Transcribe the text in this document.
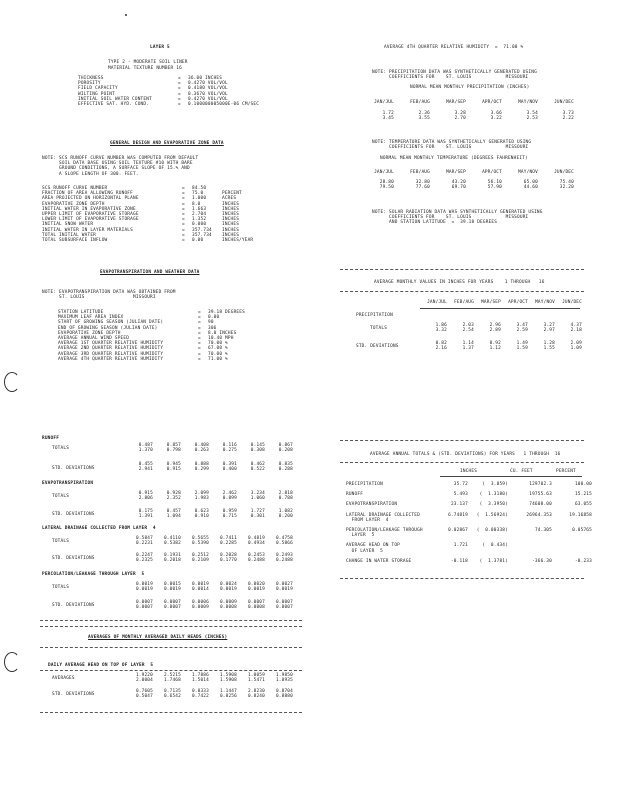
LAYER 5
TYPE 2 - MODERATE SOIL LINER
MATERIAL TEXTURE NUMBER 16
THICKNESS	=	36.00 INCHES
POROSITY	=	0.4270 VOL/VOL
FIELD CAPACITY	=	0.4180 VOL/VOL
WILTING POINT	=	0.3670 VOL/VOL
INITIAL SOIL WATER CONTENT	=	0.4270 VOL/VOL
EFFECTIVE SAT. HYD. COND.	=	0.100000005000E-06 CM/SEC
GENERAL DESIGN AND EVAPORATIVE ZONE DATA
NOTE: SCS RUNOFF CURVE NUMBER WAS COMPUTED FROM DEFAULT
SOIL DATA BASE USING SOIL TEXTURE #10 WITH BARE
GROUND CONDITIONS, A SURFACE SLOPE OF 15.% AND
A SLOPE LENGTH OF 300. FEET.
SCS RUNOFF CURVE NUMBER	=	84.50
FRACTION OF AREA ALLOWING RUNOFF	=	75.0	PERCENT
AREA PROJECTED ON HORIZONTAL PLANE	=	1.000	ACRES
EVAPORATIVE ZONE DEPTH	=	8.0	INCHES
INITIAL WATER IN EVAPORATIVE ZONE	=	1.663	INCHES
UPPER LIMIT OF EVAPORATIVE STORAGE	=	2.704	INCHES
LOWER LIMIT OF EVAPORATIVE STORAGE	=	1.352	INCHES
INITIAL SNOW WATER	=	0.000	INCHES
INITIAL WATER IN LAYER MATERIALS	=	357.734	INCHES
TOTAL INITIAL WATER	=	357.734	INCHES
TOTAL SUBSURFACE INFLOW	=	0.00	INCHES/YEAR
EVAPOTRANSPIRATION AND WEATHER DATA
NOTE: EVAPOTRANSPIRATION DATA WAS OBTAINED FROM
ST. LOUIS                 MISSOURI
STATION LATITUDE	=	39.18 DEGREES
MAXIMUM LEAF AREA INDEX	=	0.00
START OF GROWING SEASON (JULIAN DATE)	=	90
END OF GROWING SEASON (JULIAN DATE)	=	306
EVAPORATIVE ZONE DEPTH	=	8.0 INCHES
AVERAGE ANNUAL WIND SPEED	=	10.40 MPH
AVERAGE 1ST QUARTER RELATIVE HUMIDITY	=	70.00 %
AVERAGE 2ND QUARTER RELATIVE HUMIDITY	=	67.00 %
AVERAGE 3RD QUARTER RELATIVE HUMIDITY	=	70.00 %
AVERAGE 4TH QUARTER RELATIVE HUMIDITY	=	71.00 %
RUNOFF
TOTALS
0.487	0.857	0.408	0.116	0.145	0.867
1.370	0.798	0.263	0.275	0.308	0.208
STD. DEVIATIONS
0.455	0.945	0.888	0.391	0.462	0.835
2.941	0.915	0.299	0.400	0.522	0.288
EVAPOTRANSPIRATION
TOTALS
0.915	0.928	2.099	2.462	3.234	2.818
2.806	2.352	1.983	0.899	1.060	0.788
STD. DEVIATIONS
0.175	0.457	0.623	0.959	1.727	1.082
1.391	1.094	0.910	0.715	0.301	0.200
LATERAL DRAINAGE COLLECTED FROM LAYER  4
TOTALS
0.5847	0.4110	0.5655	0.7411	0.4819	0.4758
0.2231	0.5382	0.5390	0.2285	0.4934	0.5866
STD. DEVIATIONS
0.2247	0.1931	0.2512	0.2028	0.2453	0.2493
0.2325	0.2018	0.2109	0.1770	0.2488	0.2488
PERCOLATION/LEAKAGE THROUGH LAYER  5
TOTALS
0.0019	0.0015	0.0019	0.0024	0.0020	0.0027
0.0019	0.0019	0.0014	0.0019	0.0019	0.0019
STD. DEVIATIONS
0.0007	0.0007	0.0006	0.0009	0.0007	0.0007
0.0007	0.0007	0.0009	0.0008	0.0008	0.0007
AVERAGES OF MONTHLY AVERAGED DAILY HEADS (INCHES)
DAILY AVERAGE HEAD ON TOP OF LAYER  5
AVERAGES
1.9220	2.5215	1.7886	1.5908	1.0059	1.9850
2.0004	1.7468	1.5014	1.5908	1.5471	1.0935
STD. DEVIATIONS
0.7605	0.7135	0.8333	1.1447	2.8230	0.8704
0.5047	0.6542	0.7422	0.8256	0.8240	0.8880
AVERAGE 4TH QUARTER RELATIVE HUMIDITY  =  71.00 %
NOTE: PRECIPITATION DATA WAS SYNTHETICALLY GENERATED USING
COEFFICIENTS FOR    ST. LOUIS            MISSOURI
NORMAL MEAN MONTHLY PRECIPITATION (INCHES)
JAN/JUL	FEB/AUG	MAR/SEP	APR/OCT	MAY/NOV	JUN/DEC
1.72	2.36	3.28	3.66	3.54	3.73
3.45	3.55	2.70	3.22	2.53	2.22
NOTE: TEMPERATURE DATA WAS SYNTHETICALLY GENERATED USING
COEFFICIENTS FOR    ST. LOUIS            MISSOURI
NORMAL MEAN MONTHLY TEMPERATURE (DEGREES FAHRENHEIT)
JAN/JUL	FEB/AUG	MAR/SEP	APR/OCT	MAY/NOV	JUN/DEC
28.80	32.80	43.20	56.10	65.00	75.40
79.50	77.60	69.70	57.90	44.60	32.20
NOTE: SOLAR RADIATION DATA WAS SYNTHETICALLY GENERATED USING
COEFFICIENTS FOR    ST. LOUIS            MISSOURI
AND STATION LATITUDE  =  39.18 DEGREES
AVERAGE MONTHLY VALUES IN INCHES FOR YEARS    1 THROUGH   16
JAN/JUL	FEB/AUG	MAR/SEP	APR/OCT	MAY/NOV	JUN/DEC
PRECIPITATION
TOTALS
1.86	2.03	2.96	3.47	3.27	4.37
3.32	2.54	2.89	2.59	2.97	2.18
STD. DEVIATIONS
0.82	1.14	0.92	1.49	1.28	2.09
2.16	1.37	1.12	1.59	1.55	1.09
AVERAGE ANNUAL TOTALS & (STD. DEVIATIONS) FOR YEARS   1 THROUGH  16
INCHES	CU. FEET	PERCENT
PRECIPITATION	35.72	(  3.859)	129702.3	100.00
RUNOFF	5.493	(  1.3180)	19755.63	15.215
EVAPOTRANSPIRATION	23.137	(  3.3950)	74608.00	63.055
LATERAL DRAINAGE COLLECTED
FROM LAYER  4
6.74819	(  1.56924)	26964.353	19.16858
PERCOLATION/LEAKAGE THROUGH
LAYER  5
0.02867	(  0.00338)	74.305	0.05765
AVERAGE HEAD ON TOP
OF LAYER  5
1.721	(  0.434)
CHANGE IN WATER STORAGE	-0.118	(  1.3781)	-366.30	-0.233
